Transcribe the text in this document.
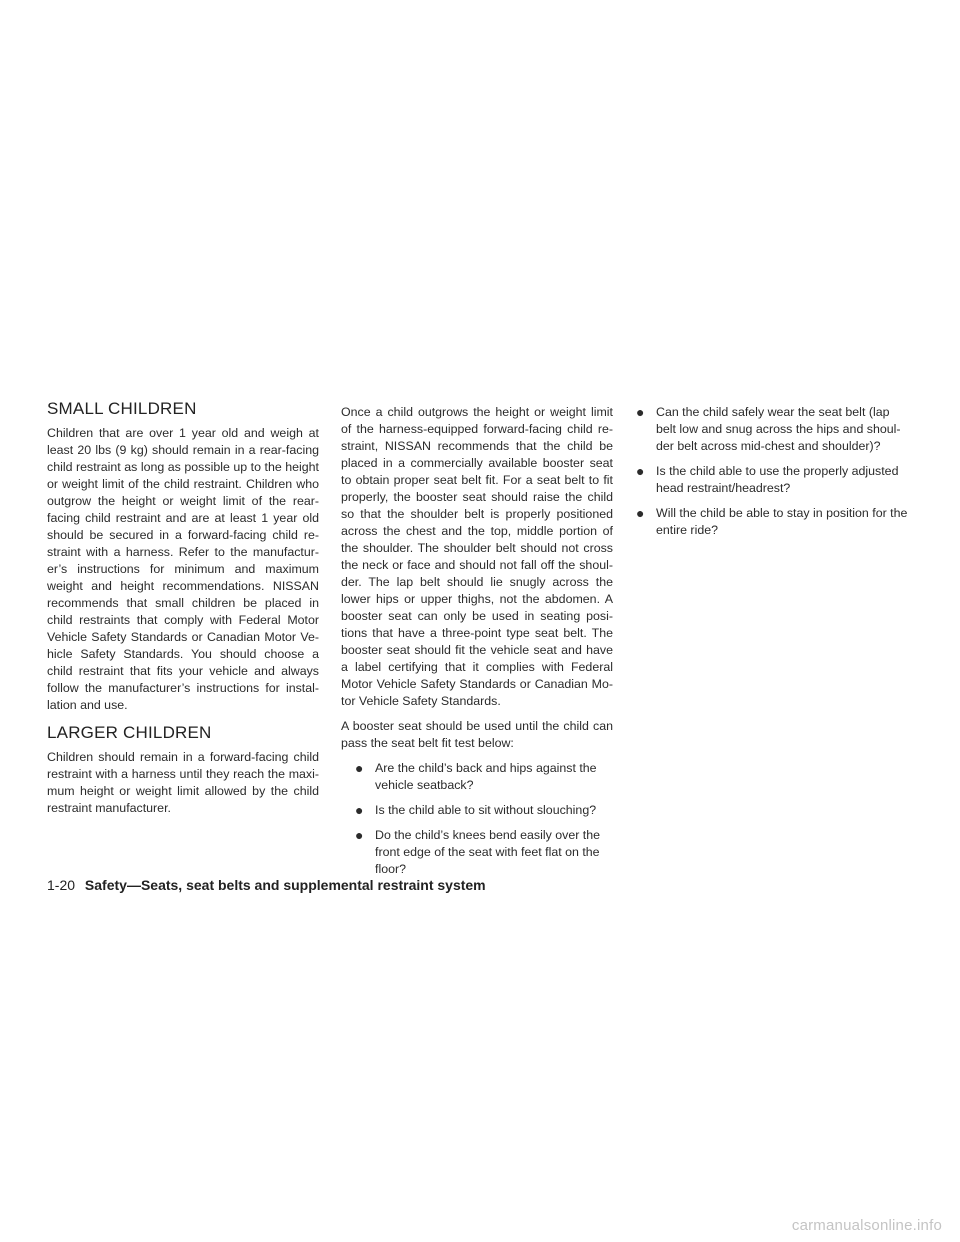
SMALL CHILDREN

Children that are over 1 year old and weigh at least 20 lbs (9 kg) should remain in a rear-facing child restraint as long as possible up to the height or weight limit of the child restraint. Children who outgrow the height or weight limit of the rear-facing child restraint and are at least 1 year old should be secured in a forward-facing child re-straint with a harness. Refer to the manufactur-er’s instructions for minimum and maximum weight and height recommendations. NISSAN recommends that small children be placed in child restraints that comply with Federal Motor Vehicle Safety Standards or Canadian Motor Ve-hicle Safety Standards. You should choose a child restraint that fits your vehicle and always follow the manufacturer’s instructions for instal-lation and use.

LARGER CHILDREN

Children should remain in a forward-facing child restraint with a harness until they reach the maxi-mum height or weight limit allowed by the child restraint manufacturer.

Once a child outgrows the height or weight limit of the harness-equipped forward-facing child re-straint, NISSAN recommends that the child be placed in a commercially available booster seat to obtain proper seat belt fit. For a seat belt to fit properly, the booster seat should raise the child so that the shoulder belt is properly positioned across the chest and the top, middle portion of the shoulder. The shoulder belt should not cross the neck or face and should not fall off the shoul-der. The lap belt should lie snugly across the lower hips or upper thighs, not the abdomen. A booster seat can only be used in seating posi-tions that have a three-point type seat belt. The booster seat should fit the vehicle seat and have a label certifying that it complies with Federal Motor Vehicle Safety Standards or Canadian Mo-tor Vehicle Safety Standards.

A booster seat should be used until the child can pass the seat belt fit test below:

● Are the child’s back and hips against the vehicle seatback?
● Is the child able to sit without slouching?
● Do the child’s knees bend easily over the front edge of the seat with feet flat on the floor?
● Can the child safely wear the seat belt (lap belt low and snug across the hips and shoul-der belt across mid-chest and shoulder)?
● Is the child able to use the properly adjusted head restraint/headrest?
● Will the child be able to stay in position for the entire ride?
1-20 Safety—Seats, seat belts and supplemental restraint system
carmanualsonline.info
